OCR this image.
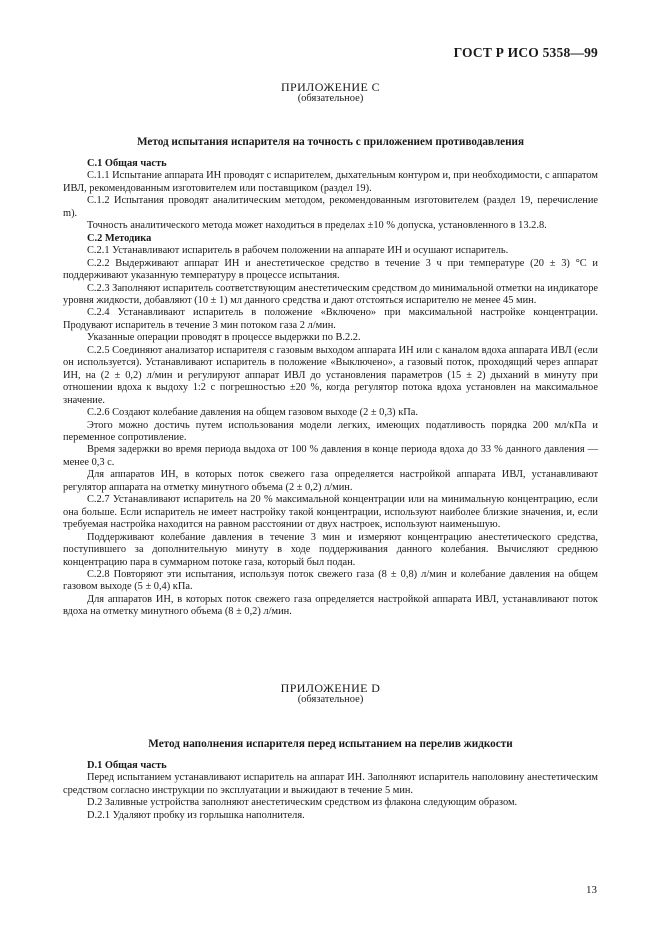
ГОСТ Р ИСО 5358—99
ПРИЛОЖЕНИЕ С
(обязательное)
Метод испытания испарителя на точность с приложением противодавления

C.1 Общая часть

С.1.1 Испытание аппарата ИН проводят с испарителем, дыхательным контуром и, при необходимости, с аппаратом ИВЛ, рекомендованным изготовителем или поставщиком (раздел 19).

С.1.2 Испытания проводят аналитическим методом, рекомендованным изготовителем (раздел 19, перечисление m).

Точность аналитического метода может находиться в пределах ±10 % допуска, установленного в 13.2.8.

C.2 Методика

С.2.1 Устанавливают испаритель в рабочем положении на аппарате ИН и осушают испаритель.

С.2.2 Выдерживают аппарат ИН и анестетическое средство в течение 3 ч при температуре (20 ± 3) °С и поддерживают указанную температуру в процессе испытания.

С.2.3 Заполняют испаритель соответствующим анестетическим средством до минимальной отметки на индикаторе уровня жидкости, добавляют (10 ± 1) мл данного средства и дают отстояться испарителю не менее 45 мин.

С.2.4 Устанавливают испаритель в положение «Включено» при максимальной настройке концентрации. Продувают испаритель в течение 3 мин потоком газа 2 л/мин.

Указанные операции проводят в процессе выдержки по В.2.2.

С.2.5 Соединяют анализатор испарителя с газовым выходом аппарата ИН или с каналом вдоха аппарата ИВЛ (если он используется). Устанавливают испаритель в положение «Выключено», а газовый поток, проходящий через аппарат ИН, на (2 ± 0,2) л/мин и регулируют аппарат ИВЛ до установления параметров (15 ± 2) дыханий в минуту при отношении вдоха к выдоху 1:2 с погрешностью ±20 %, когда регулятор потока вдоха установлен на максимальное значение.

С.2.6 Создают колебание давления на общем газовом выходе (2 ± 0,3) кПа.

Этого можно достичь путем использования модели легких, имеющих податливость порядка 200 мл/кПа и переменное сопротивление.

Время задержки во время периода выдоха от 100 % давления в конце периода вдоха до 33 % данного давления — менее 0,3 с.

Для аппаратов ИН, в которых поток свежего газа определяется настройкой аппарата ИВЛ, устанавливают регулятор аппарата на отметку минутного объема (2 ± 0,2) л/мин.

С.2.7 Устанавливают испаритель на 20 % максимальной концентрации или на минимальную концентрацию, если она больше. Если испаритель не имеет настройку такой концентрации, используют наиболее близкие значения, и, если требуемая настройка находится на равном расстоянии от двух настроек, используют наименьшую.

Поддерживают колебание давления в течение 3 мин и измеряют концентрацию анестетического средства, поступившего за дополнительную минуту в ходе поддерживания данного колебания. Вычисляют среднюю концентрацию пара в суммарном потоке газа, который был подан.

С.2.8 Повторяют эти испытания, используя поток свежего газа (8 ± 0,8) л/мин и колебание давления на общем газовом выходе (5 ± 0,4) кПа.

Для аппаратов ИН, в которых поток свежего газа определяется настройкой аппарата ИВЛ, устанавливают поток вдоха на отметку минутного объема (8 ± 0,2) л/мин.

ПРИЛОЖЕНИЕ D
(обязательное)
Метод наполнения испарителя перед испытанием на перелив жидкости

D.1 Общая часть

Перед испытанием устанавливают испаритель на аппарат ИН. Заполняют испаритель наполовину анестетическим средством согласно инструкции по эксплуатации и выжидают в течение 5 мин.

D.2 Заливные устройства заполняют анестетическим средством из флакона следующим образом.

D.2.1 Удаляют пробку из горлышка наполнителя.

13
